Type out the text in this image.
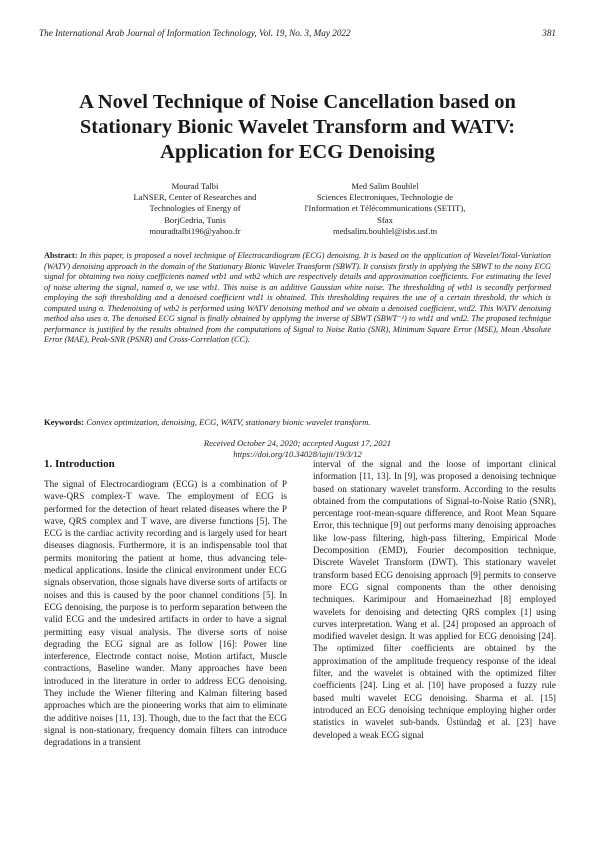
The International Arab Journal of Information Technology, Vol. 19, No. 3, May 2022	381
A Novel Technique of Noise Cancellation based on
Stationary Bionic Wavelet Transform and WATV:
Application for ECG Denoising
Mourad Talbi
LaNSER, Center of Researches and
Technologies of Energy of
BorjCedria, Tunis
mouradtalbi196@yahoo.fr
Med Salim Bouhlel
Sciences Electroniques, Technologie de
l'Information et Télécommunications (SETIT),
Sfax
medsalim.bouhlel@isbs.usf.tn
Abstract: In this paper, is proposed a novel technique of Electrocardiogram (ECG) denoising. It is based on the application of Wavelet/Total-Variation (WATV) denoising approach in the domain of the Stationary Bionic Wavelet Transform (SBWT). It consists firstly in applying the SBWT to the noisy ECG signal for obtaining two noisy coefficients named wtb1 and wtb2 which are respectively details and approximation coefficients. For estimating the level of noise altering the signal, named σ, we use wtb1. This noise is an additive Gaussian white noise. The thresholding of wtb1 is secondly performed employing the soft thresholding and a denoised coefficient wtd1 is obtained. This thresholding requires the use of a certain threshold, thr which is computed using σ. Thedenoising of wtb2 is performed using WATV denoising method and we obtain a denoised coefficient, wtd2. This WATV denoising method also uses σ. The denoised ECG signal is finally obtained by applying the inverse of SBWT (SBWT⁻¹) to wtd1 and wtd2. The proposed technique performance is justified by the results obtained from the computations of Signal to Noise Ratio (SNR), Minimum Square Error (MSE), Mean Absolute Error (MAE), Peak-SNR (PSNR) and Cross-Correlation (CC).
Keywords: Convex optimization, denoising, ECG, WATV, stationary bionic wavelet transform.
Received October 24, 2020; accepted August 17, 2021
https://doi.org/10.34028/iajit/19/3/12
1. Introduction

The signal of Electrocardiogram (ECG) is a combination of P wave-QRS complex-T wave. The employment of ECG is performed for the detection of heart related diseases where the P wave, QRS complex and T wave, are diverse functions [5]. The ECG is the cardiac activity recording and is largely used for heart diseases diagnosis. Furthermore, it is an indispensable tool that permits monitoring the patient at home, thus advancing tele-medical applications. Inside the clinical environment under ECG signals observation, those signals have diverse sorts of artifacts or noises and this is caused by the poor channel conditions [5]. In ECG denoising, the purpose is to perform separation between the valid ECG and the undesired artifacts in order to have a signal permitting easy visual analysis. The diverse sorts of noise degrading the ECG signal are as follow [16]: Power line interference, Electrode contact noise, Motion artifact, Muscle contractions, Baseline wander. Many approaches have been introduced in the literature in order to address ECG denoising. They include the Wiener filtering and Kalman filtering based approaches which are the pioneering works that aim to eliminate the additive noises [11, 13]. Though, due to the fact that the ECG signal is non-stationary, frequency domain filters can introduce degradations in a transient

interval of the signal and the loose of important clinical information [11, 13]. In [9], was proposed a denoising technique based on stationary wavelet transform. According to the results obtained from the computations of Signal-to-Noise Ratio (SNR), percentage root-mean-square difference, and Root Mean Square Error, this technique [9] out performs many denoising approaches like low-pass filtering, high-pass filtering, Empirical Mode Decomposition (EMD), Fourier decomposition technique, Discrete Wavelet Transform (DWT). This stationary wavelet transform based ECG denoising approach [9] permits to conserve more ECG signal components than the other denoising techniques. Karimipour and Homaeinezhad [8] employed wavelets for denoising and detecting QRS complex [1] using curves interpretation. Wang et al. [24] proposed an approach of modified wavelet design. It was applied for ECG denoising [24]. The optimized filter coefficients are obtained by the approximation of the amplitude frequency response of the ideal filter, and the wavelet is obtained with the optimized filter coefficients [24]. Ling et al. [10] have proposed a fuzzy rule based multi wavelet ECG denoising. Sharma et al. [15] introduced an ECG denoising technique employing higher order statistics in wavelet sub-bands. Üstündağ et al. [23] have developed a weak ECG signal
